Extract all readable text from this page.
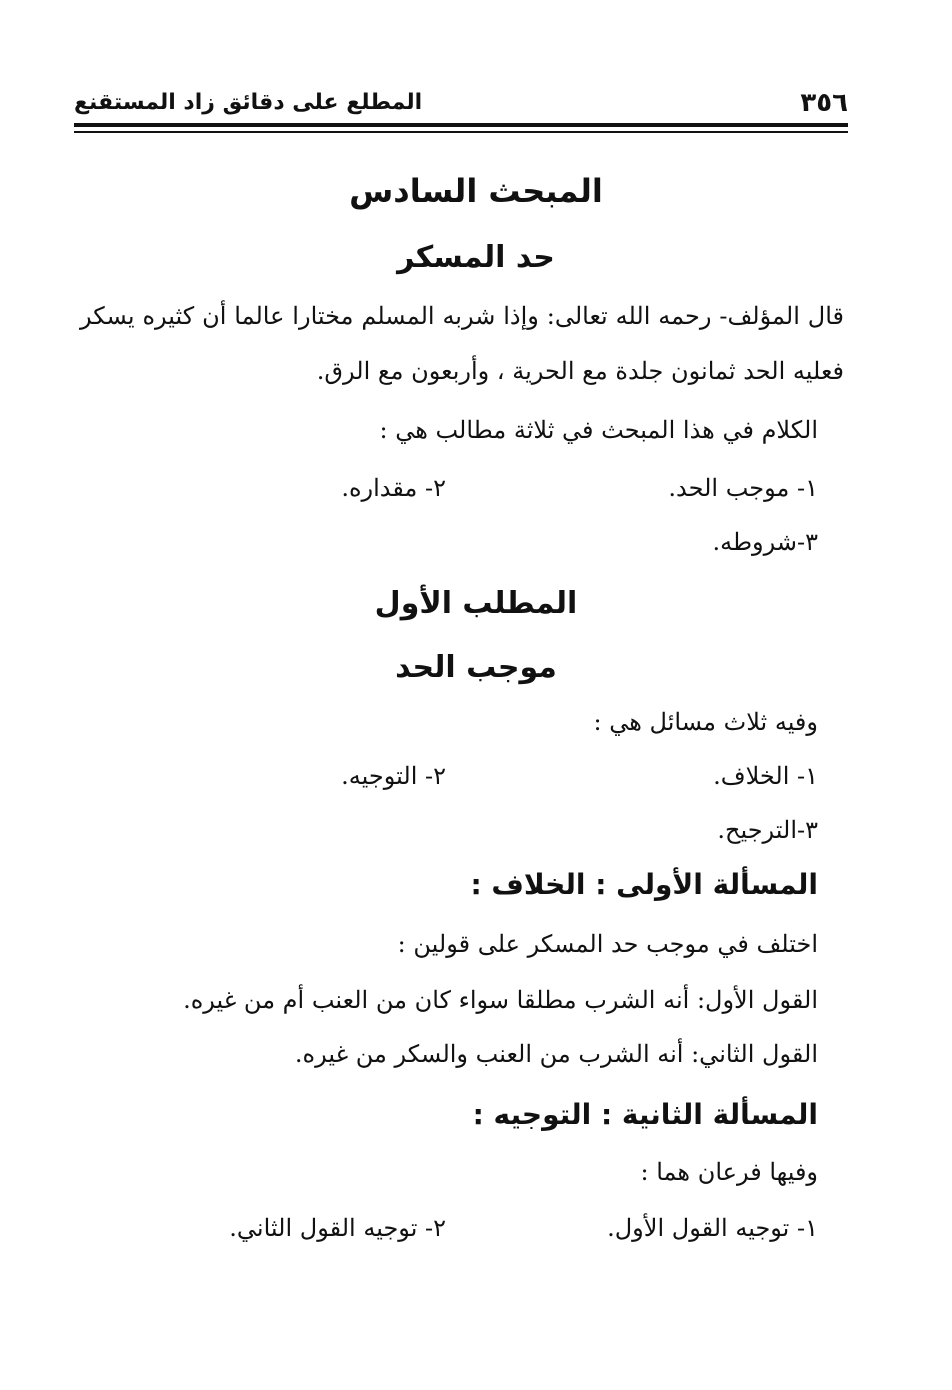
٣٥٦
المطلع على دقائق زاد المستقنع
المبحث السادس
حد المسكر
قال المؤلف- رحمه الله تعالى: وإذا شربه المسلم مختارا عالما أن كثيره يسكر
فعليه الحد ثمانون جلدة مع الحرية ، وأربعون مع الرق.
الكلام في هذا المبحث في ثلاثة مطالب هي :
١- موجب الحد.
٢- مقداره.
٣-شروطه.
المطلب الأول
موجب الحد
وفيه ثلاث مسائل هي :
١- الخلاف.
٢- التوجيه.
٣-الترجيح.
المسألة الأولى : الخلاف :
اختلف في موجب حد المسكر على قولين :
القول الأول: أنه الشرب مطلقا سواء كان من العنب أم من غيره.
القول الثاني: أنه الشرب من العنب والسكر من غيره.
المسألة الثانية : التوجيه :
وفيها فرعان هما :
١- توجيه القول الأول.
٢- توجيه القول الثاني.
